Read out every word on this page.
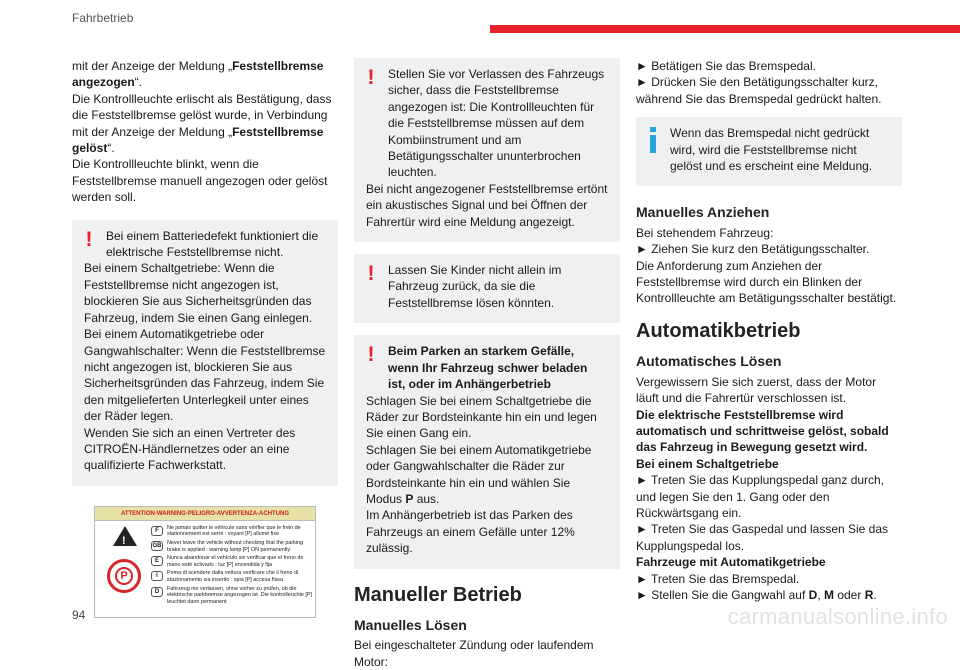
Fahrbetrieb

mit der Anzeige der Meldung „Feststellbremse angezogen“.

Die Kontrollleuchte erlischt als Bestätigung, dass die Feststellbremse gelöst wurde, in Verbindung mit der Anzeige der Meldung „Feststellbremse gelöst“.

Die Kontrollleuchte blinkt, wenn die Feststellbremse manuell angezogen oder gelöst werden soll.

!	Bei einem Batteriedefekt funktioniert die elektrische Feststellbremse nicht.

Bei einem Schaltgetriebe: Wenn die Feststellbremse nicht angezogen ist, blockieren Sie aus Sicherheitsgründen das Fahrzeug, indem Sie einen Gang einlegen.

Bei einem Automatikgetriebe oder Gangwahlschalter: Wenn die Feststellbremse nicht angezogen ist, blockieren Sie aus Sicherheitsgründen das Fahrzeug, indem Sie den mitgelieferten Unterlegkeil unter eines der Räder legen.

Wenden Sie sich an einen Vertreter des CITROËN-Händlernetzes oder an eine qualifizierte Fachwerkstatt.

ATTENTION-WARNING-PELIGRO-AVVERTENZA-ACHTUNG
!
P
F	Ne jamais quitter le véhicule sans vérifier que le frein de stationnement est serré : voyant [P] allumé fixe
GB Never leave the vehicle without checking that the parking brake is applied : warning lamp [P] ON permanently
E	Nunca abandonar el vehículo sin verificar que el freno de mano esté activado : luz [P] encendida y fija
I	Prima di scendere dalla vettura verificare che il freno di stazionamento sia inserito : spia [P] accesa fissa
D	Fahrzeug nie verlassen, ohne vorher zu prüfen, ob die elektrische parkbremse angezogen ist. Die kontrolleuchte [P] leuchtet dann permanent
!	Stellen Sie vor Verlassen des Fahrzeugs sicher, dass die Feststellbremse angezogen ist: Die Kontrollleuchten für die Feststellbremse müssen auf dem Kombiinstrument und am Betätigungsschalter ununterbrochen leuchten.

Bei nicht angezogener Feststellbremse ertönt ein akustisches Signal und bei Öffnen der Fahrertür wird eine Meldung angezeigt.

!	Lassen Sie Kinder nicht allein im Fahrzeug zurück, da sie die Feststellbremse lösen könnten.

!	Beim Parken an starkem Gefälle, wenn Ihr Fahrzeug schwer beladen ist, oder im Anhängerbetrieb

Schlagen Sie bei einem Schaltgetriebe die Räder zur Bordsteinkante hin ein und legen Sie einen Gang ein.

Schlagen Sie bei einem Automatikgetriebe oder Gangwahlschalter die Räder zur Bordsteinkante hin ein und wählen Sie Modus P aus.

Im Anhängerbetrieb ist das Parken des Fahrzeugs an einem Gefälle unter 12% zulässig.

Manueller Betrieb
Manuelles Lösen

Bei eingeschalteter Zündung oder laufendem Motor:

► Betätigen Sie das Bremspedal.

► Drücken Sie den Betätigungsschalter kurz, während Sie das Bremspedal gedrückt halten.

Wenn das Bremspedal nicht gedrückt wird, wird die Feststellbremse nicht gelöst und es erscheint eine Meldung.

Manuelles Anziehen

Bei stehendem Fahrzeug:

► Ziehen Sie kurz den Betätigungsschalter.

Die Anforderung zum Anziehen der Feststellbremse wird durch ein Blinken der Kontrollleuchte am Betätigungsschalter bestätigt.

Automatikbetrieb
Automatisches Lösen

Vergewissern Sie sich zuerst, dass der Motor läuft und die Fahrertür verschlossen ist.

Die elektrische Feststellbremse wird automatisch und schrittweise gelöst, sobald das Fahrzeug in Bewegung gesetzt wird.

Bei einem Schaltgetriebe

► Treten Sie das Kupplungspedal ganz durch, und legen Sie den 1. Gang oder den Rückwärtsgang ein.

► Treten Sie das Gaspedal und lassen Sie das Kupplungspedal los.

Fahrzeuge mit Automatikgetriebe

► Treten Sie das Bremspedal.

► Stellen Sie die Gangwahl auf D, M oder R.

94	carmanualsonline.info
